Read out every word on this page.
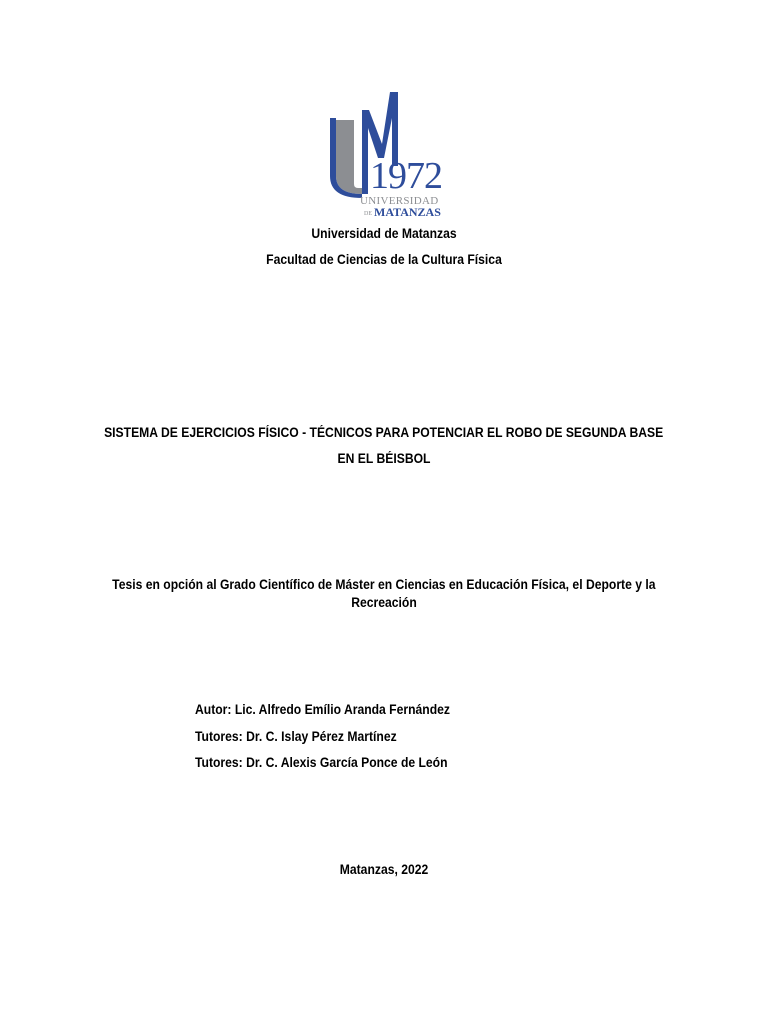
1972
UNIVERSIDAD
DE MATANZAS
Universidad de Matanzas
Facultad de Ciencias de la Cultura Física
SISTEMA DE EJERCICIOS FÍSICO - TÉCNICOS PARA POTENCIAR EL ROBO DE SEGUNDA BASE
EN EL BÉISBOL
Tesis en opción al Grado Científico de Máster en Ciencias en Educación Física, el Deporte y la
Recreación
Autor: Lic. Alfredo Emílio Aranda Fernández
Tutores: Dr. C. Islay Pérez Martínez
Tutores: Dr. C. Alexis García Ponce de León
Matanzas, 2022
